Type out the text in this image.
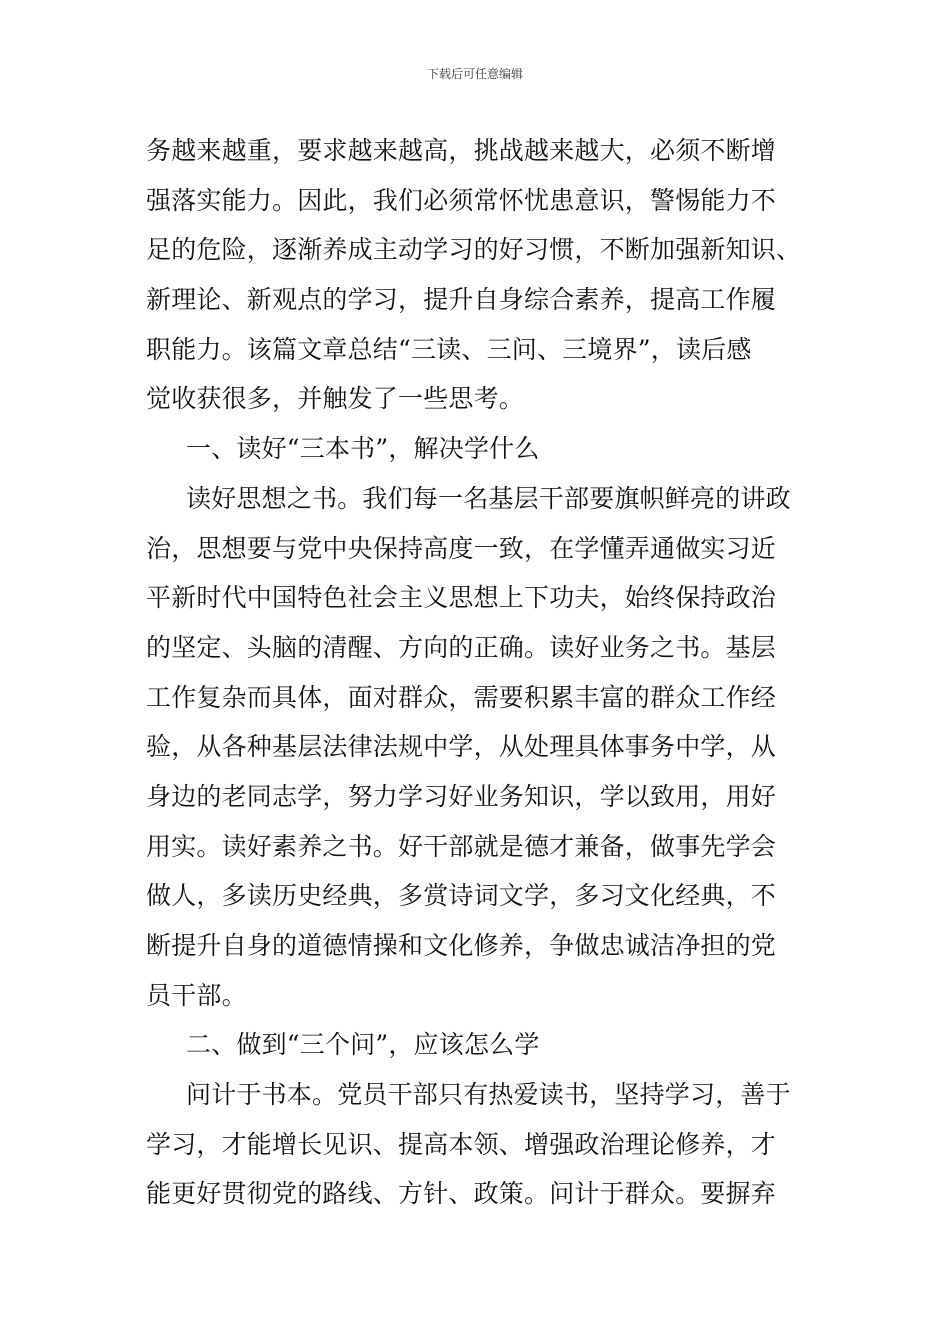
下载后可任意编辑
务越来越重，要求越来越高，挑战越来越大，必须不断增
强落实能力。因此，我们必须常怀忧患意识，警惕能力不
足的危险，逐渐养成主动学习的好习惯，不断加强新知识、
新理论、新观点的学习，提升自身综合素养，提高工作履
职能力。该篇文章总结“三读、三问、三境界”，读后感
觉收获很多，并触发了一些思考。
一、读好“三本书”，解决学什么
读好思想之书。我们每一名基层干部要旗帜鲜亮的讲政
治，思想要与党中央保持高度一致，在学懂弄通做实习近
平新时代中国特色社会主义思想上下功夫，始终保持政治
的坚定、头脑的清醒、方向的正确。读好业务之书。基层
工作复杂而具体，面对群众，需要积累丰富的群众工作经
验，从各种基层法律法规中学，从处理具体事务中学，从
身边的老同志学，努力学习好业务知识，学以致用，用好
用实。读好素养之书。好干部就是德才兼备，做事先学会
做人，多读历史经典，多赏诗词文学，多习文化经典，不
断提升自身的道德情操和文化修养，争做忠诚洁净担的党
员干部。
二、做到“三个问”，应该怎么学
问计于书本。党员干部只有热爱读书，坚持学习，善于
学习，才能增长见识、提高本领、增强政治理论修养，才
能更好贯彻党的路线、方针、政策。问计于群众。要摒弃
